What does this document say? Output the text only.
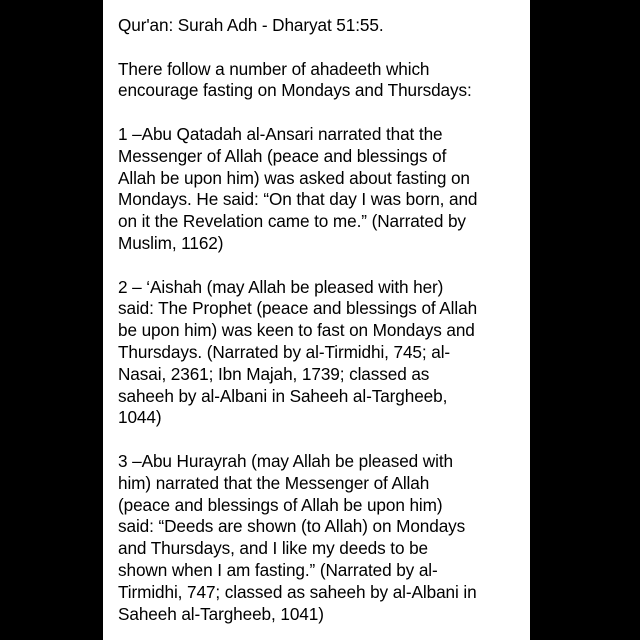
Qur'an: Surah Adh - Dharyat 51:55.

There follow a number of ahadeeth which
encourage fasting on Mondays and Thursdays:

1 –Abu Qatadah al-Ansari narrated that the
Messenger of Allah (peace and blessings of
Allah be upon him) was asked about fasting on
Mondays. He said: “On that day I was born, and
on it the Revelation came to me.” (Narrated by
Muslim, 1162)

2 – ‘Aishah (may Allah be pleased with her)
said: The Prophet (peace and blessings of Allah
be upon him) was keen to fast on Mondays and
Thursdays. (Narrated by al-Tirmidhi, 745; al-
Nasai, 2361; Ibn Majah, 1739; classed as
saheeh by al-Albani in Saheeh al-Targheeb,
1044)

3 –Abu Hurayrah (may Allah be pleased with
him) narrated that the Messenger of Allah
(peace and blessings of Allah be upon him)
said: “Deeds are shown (to Allah) on Mondays
and Thursdays, and I like my deeds to be
shown when I am fasting.” (Narrated by al-
Tirmidhi, 747; classed as saheeh by al-Albani in
Saheeh al-Targheeb, 1041)
